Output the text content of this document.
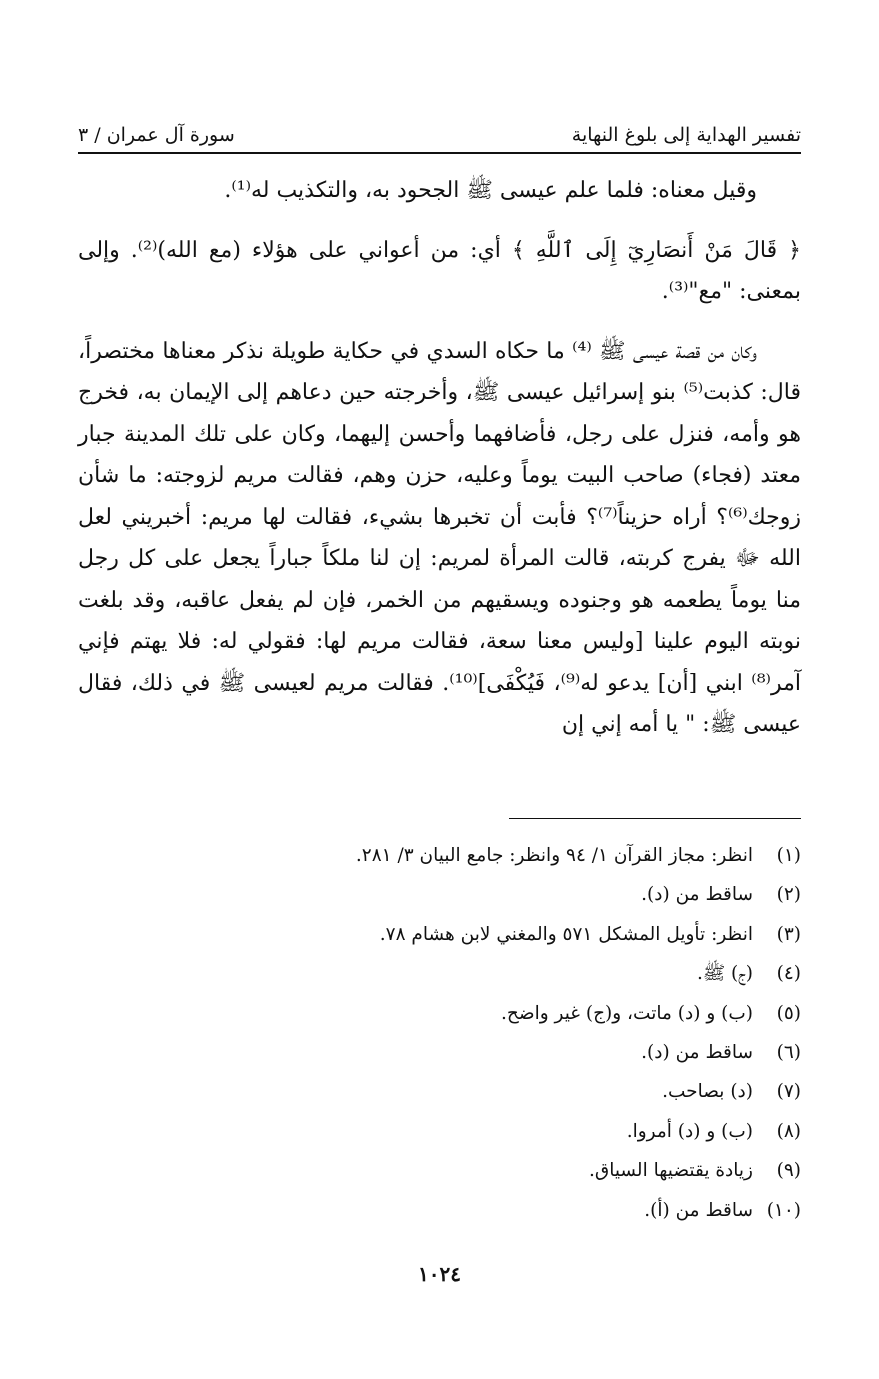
تفسير الهداية إلى بلوغ النهاية
سورة آل عمران / ٣

وقيل معناه: فلما علم عيسى ﷺ الجحود به، والتكذيب له⁽¹⁾.

﴿ قَالَ مَنْ أَنصَارِيٓ إِلَى ٱللَّهِ ﴾ أي: من أعواني على هؤلاء (مع الله)⁽²⁾. وإلى بمعنى: "مع"⁽³⁾.

وكان من قصة عيسى ﷺ ⁽⁴⁾ ما حكاه السدي في حكاية طويلة نذكر معناها مختصراً، قال: كذبت⁽⁵⁾ بنو إسرائيل عيسى ﷺ، وأخرجته حين دعاهم إلى الإيمان به، فخرج هو وأمه، فنزل على رجل، فأضافهما وأحسن إليهما، وكان على تلك المدينة جبار معتد (فجاء) صاحب البيت يوماً وعليه، حزن وهم، فقالت مريم لزوجته: ما شأن زوجك⁽⁶⁾؟ أراه حزيناً⁽⁷⁾؟ فأبت أن تخبرها بشيء، فقالت لها مريم: أخبريني لعل الله ﷻ يفرج كربته، قالت المرأة لمريم: إن لنا ملكاً جباراً يجعل على كل رجل منا يوماً يطعمه هو وجنوده ويسقيهم من الخمر، فإن لم يفعل عاقبه، وقد بلغت نوبته اليوم علينا [وليس معنا سعة، فقالت مريم لها: فقولي له: فلا يهتم فإني آمر⁽⁸⁾ ابني [أن] يدعو له⁽⁹⁾، فَيُكْفَى]⁽¹⁰⁾. فقالت مريم لعيسى ﷺ في ذلك، فقال عيسى ﷺ: " يا أمه إني إن

(١)
انظر: مجاز القرآن ١/ ٩٤ وانظر: جامع البيان ٣/ ٢٨١.
(٢)
ساقط من (د).
(٣)
انظر: تأويل المشكل ٥٧١ والمغني لابن هشام ٧٨.
(٤)
(ج) ﷺ.
(٥)
(ب) و (د) ماتت، و(ج) غير واضح.
(٦)
ساقط من (د).
(٧)
(د) بصاحب.
(٨)
(ب) و (د) أمروا.
(٩)
زيادة يقتضيها السياق.
(١٠)
ساقط من (أ).
١٠٢٤
